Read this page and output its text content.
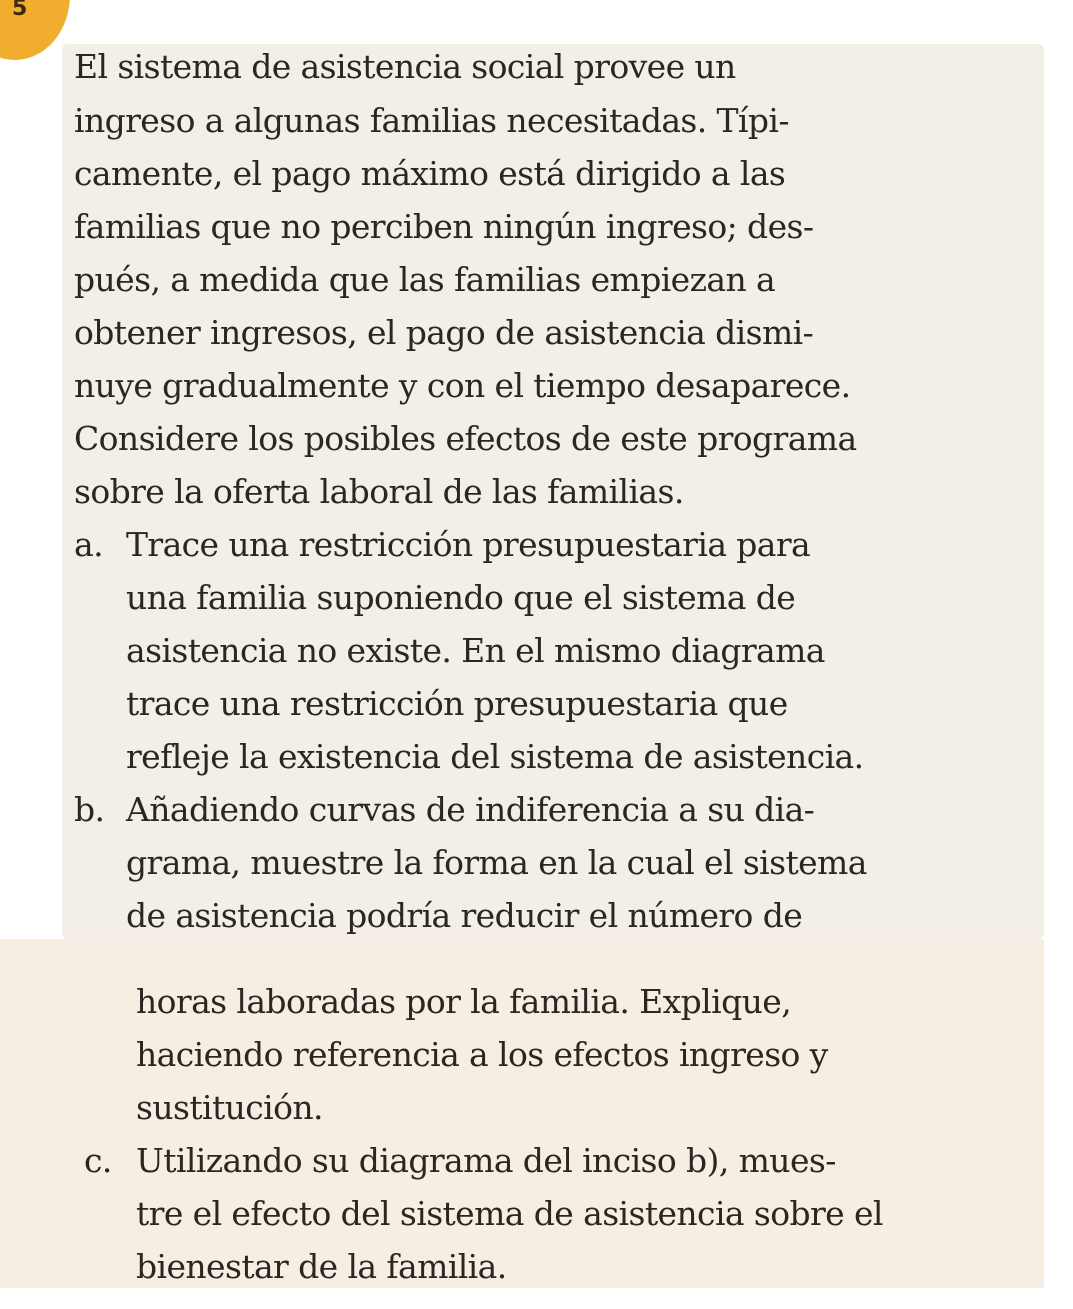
5
El sistema de asistencia social provee un
ingreso a algunas familias necesitadas. Típi-
camente, el pago máximo está dirigido a las
familias que no perciben ningún ingreso; des-
pués, a medida que las familias empiezan a
obtener ingresos, el pago de asistencia dismi-
nuye gradualmente y con el tiempo desaparece.
Considere los posibles efectos de este programa
sobre la oferta laboral de las familias.
a. Trace una restricción presupuestaria para
una familia suponiendo que el sistema de
asistencia no existe. En el mismo diagrama
trace una restricción presupuestaria que
refleje la existencia del sistema de asistencia.
b. Añadiendo curvas de indiferencia a su dia-
grama, muestre la forma en la cual el sistema
de asistencia podría reducir el número de
horas laboradas por la familia. Explique,
haciendo referencia a los efectos ingreso y
sustitución.
c. Utilizando su diagrama del inciso b), mues-
tre el efecto del sistema de asistencia sobre el
bienestar de la familia.
